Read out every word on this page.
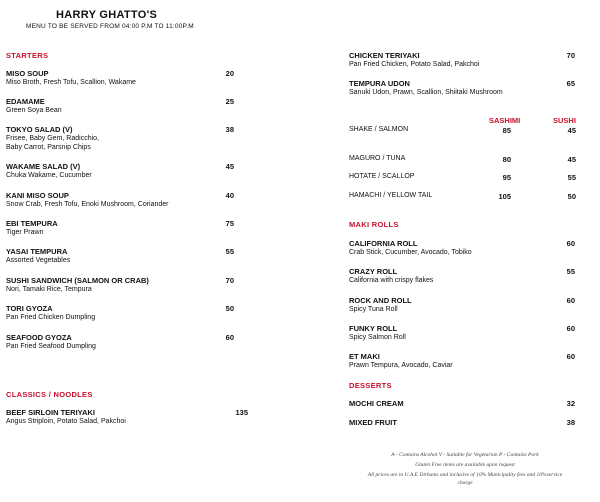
HARRY GHATTO'S
MENU TO BE SERVED FROM 04:00 P.M TO 11:00P.M
STARTERS
MISO SOUP
Miso Broth, Fresh Tofu, Scallion, Wakame
20
EDAMAME
Green Soya Bean
25
TOKYO SALAD (V)
Frisee, Baby Gem, Radicchio,
Baby Carrot, Parsnip Chips
38
WAKAME SALAD (V)
Chuka Wakame, Cucumber
45
KANI MISO SOUP
Snow Crab, Fresh Tofu, Enoki Mushroom, Coriander
40
EBI TEMPURA
Tiger Prawn
75
YASAI TEMPURA
Assorted Vegetables
55
SUSHI SANDWICH (SALMON OR CRAB)
Nori, Tamaki Rice, Tempura
70
TORI GYOZA
Pan Fried Chicken Dumpling
50
SEAFOOD GYOZA
Pan Fried Seafood Dumpling
60
CLASSICS / NOODLES
BEEF SIRLOIN TERIYAKI
Angus Striploin, Potato Salad, Pakchoi
135
CHICKEN TERIYAKI
Pan Fried Chicken, Potato Salad, Pakchoi
70
TEMPURA UDON
Sanuki Udon, Prawn, Scallion, Shiitaki Mushroom
65
SASHIMI	SUSHI
SHAKE / SALMON	85	45
MAGURO / TUNA	80	45
HOTATE / SCALLOP	95	55
HAMACHI / YELLOW TAIL	105	50
MAKI ROLLS
CALIFORNIA ROLL
Crab Stick, Cucumber, Avocado, Tobiko
60
CRAZY ROLL
California with crispy flakes
55
ROCK AND ROLL
Spicy Tuna Roll
60
FUNKY ROLL
Spicy Salmon Roll
60
ET MAKI
Prawn Tempura, Avocado, Caviar
60
DESSERTS
MOCHI CREAM	32
MIXED FRUIT	38
A - Contains Alcohol V - Suitable for Vegetarian P - Contains Pork
Gluten Free items are available upon request
All prices are in U.A.E Dirhams and inclusive of 10% Municipality fees and 10%service
charge
